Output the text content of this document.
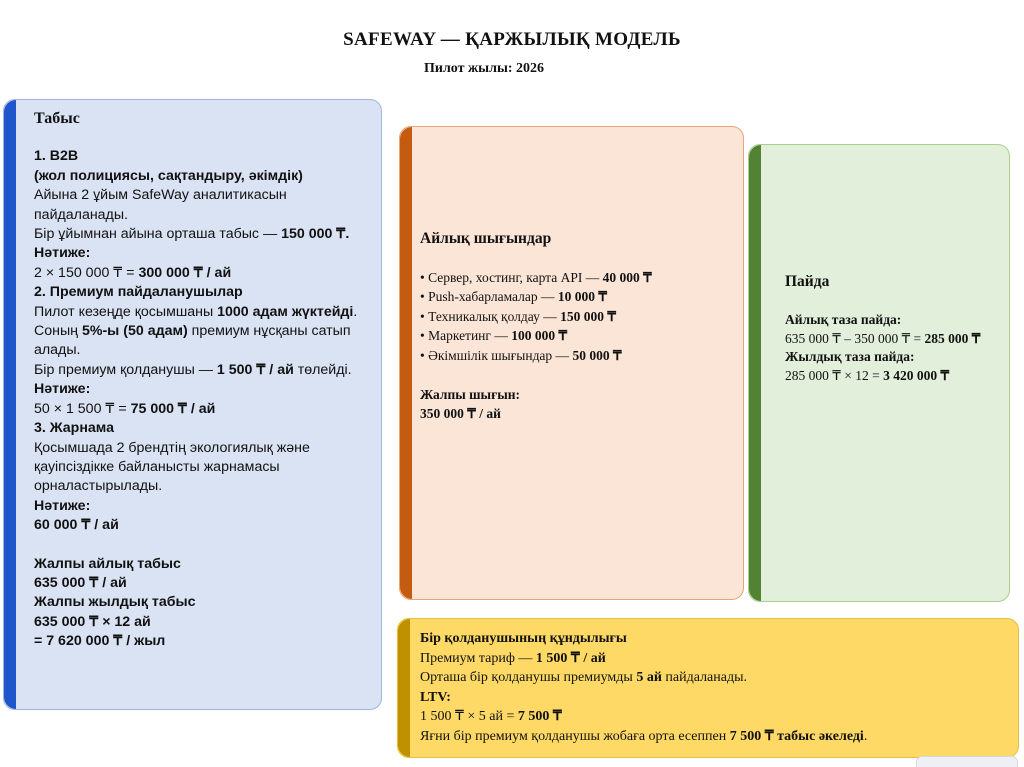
SAFEWAY — ҚАРЖЫЛЫҚ МОДЕЛЬ
Пилот жылы: 2026
Табыс
1. B2B
(жол полициясы, сақтандыру, әкімдік)
Айына 2 ұйым SafeWay аналитикасын пайдаланады.
Бір ұйымнан айына орташа табыс — 150 000 ₸.
Нәтиже:
2 × 150 000 ₸ = 300 000 ₸ / ай
2. Премиум пайдаланушылар
Пилот кезеңде қосымшаны 1000 адам жүктейді.
Соның 5%-ы (50 адам) премиум нұсқаны сатып алады.
Бір премиум қолданушы — 1 500 ₸ / ай төлейді.
Нәтиже:
50 × 1 500 ₸ = 75 000 ₸ / ай
3. Жарнама
Қосымшада 2 брендтің экологиялық және қауіпсіздікке байланысты жарнамасы орналастырылады.
Нәтиже:
60 000 ₸ / ай
Жалпы айлық табыс
635 000 ₸ / ай
Жалпы жылдық табыс
635 000 ₸ × 12 ай
= 7 620 000 ₸ / жыл
Айлық шығындар
• Сервер, хостинг, карта API — 40 000 ₸
• Push-хабарламалар — 10 000 ₸
• Техникалық қолдау — 150 000 ₸
• Маркетинг — 100 000 ₸
• Әкімшілік шығындар — 50 000 ₸
Жалпы шығын:
350 000 ₸ / ай
Пайда
Айлық таза пайда:
635 000 ₸ – 350 000 ₸ = 285 000 ₸
Жылдық таза пайда:
285 000 ₸ × 12 = 3 420 000 ₸
Бір қолданушының құндылығы
Премиум тариф — 1 500 ₸ / ай
Орташа бір қолданушы премиумды 5 ай пайдаланады.
LTV:
1 500 ₸ × 5 ай = 7 500 ₸
Яғни бір премиум қолданушы жобаға орта есеппен 7 500 ₸ табыс әкеледі.
